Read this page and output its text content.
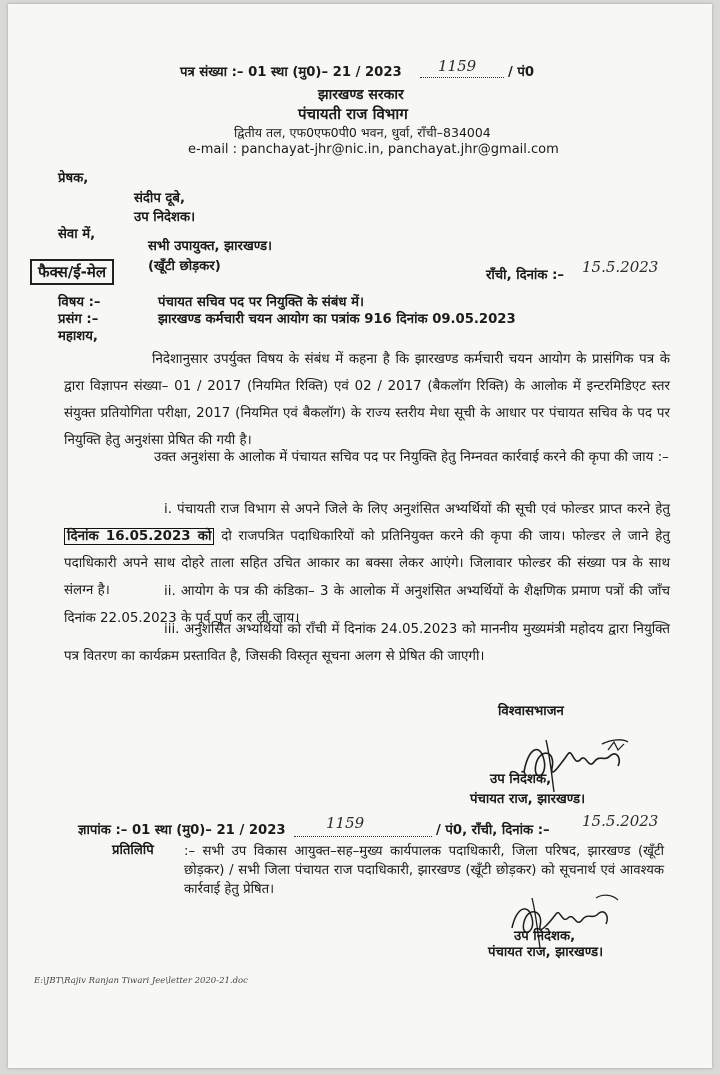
पत्र संख्या :– 01 स्था (मु0)– 21 / 2023 1159 / पं0
झारखण्ड सरकार
पंचायती राज विभाग
द्वितीय तल, एफ0एफ0पी0 भवन, धुर्वा, राँची–834004
e-mail : panchayat-jhr@nic.in, panchayat.jhr@gmail.com
प्रेषक,
संदीप दूबे,
उप निदेशक।
सेवा में,
सभी उपायुक्त, झारखण्ड।
फैक्स/ई-मेल	(खूँटी छोड़कर)
राँची, दिनांक :– 15.5.2023
विषय :–	पंचायत सचिव पद पर नियुक्ति के संबंध में।
प्रसंग :–	झारखण्ड कर्मचारी चयन आयोग का पत्रांक 916 दिनांक 09.05.2023
महाशय,
निदेशानुसार उपर्युक्त विषय के संबंध में कहना है कि झारखण्ड कर्मचारी चयन आयोग के प्रासंगिक पत्र के द्वारा विज्ञापन संख्या– 01 / 2017 (नियमित रिक्ति) एवं 02 / 2017 (बैकलॉग रिक्ति) के आलोक में इन्टरमिडिएट स्तर संयुक्त प्रतियोगिता परीक्षा, 2017 (नियमित एवं बैकलॉग) के राज्य स्तरीय मेधा सूची के आधार पर पंचायत सचिव के पद पर नियुक्ति हेतु अनुशंसा प्रेषित की गयी है।
उक्त अनुशंसा के आलोक में पंचायत सचिव पद पर नियुक्ति हेतु निम्नवत कार्रवाई करने की कृपा की जाय :–
i. पंचायती राज विभाग से अपने जिले के लिए अनुशंसित अभ्यर्थियों की सूची एवं फोल्डर प्राप्त करने हेतु दिनांक 16.05.2023 को दो राजपत्रित पदाधिकारियों को प्रतिनियुक्त करने की कृपा की जाय। फोल्डर ले जाने हेतु पदाधिकारी अपने साथ दोहरे ताला सहित उचित आकार का बक्सा लेकर आएंगे। जिलावार फोल्डर की संख्या पत्र के साथ संलग्न है।	ii. आयोग के पत्र की कंडिका– 3 के आलोक में अनुशंसित अभ्यर्थियों के शैक्षणिक प्रमाण पत्रों की जाँच दिनांक 22.05.2023 के पूर्व पूर्ण कर ली जाय।
iii. अनुशंसित अभ्यर्थियों को राँची में दिनांक 24.05.2023 को माननीय मुख्यमंत्री महोदय द्वारा नियुक्ति पत्र वितरण का कार्यक्रम प्रस्तावित है, जिसकी विस्तृत सूचना अलग से प्रेषित की जाएगी।
विश्वासभाजन
उप निदेशक,
पंचायत राज, झारखण्ड।
ज्ञापांक :– 01 स्था (मु0)– 21 / 2023	1159	/ पं0, राँची, दिनांक :–
15.5.2023
प्रतिलिपि :– सभी उप विकास आयुक्त–सह–मुख्य कार्यपालक पदाधिकारी, जिला परिषद, झारखण्ड (खूँटी छोड़कर) / सभी जिला पंचायत राज पदाधिकारी, झारखण्ड (खूँटी छोड़कर) को सूचनार्थ एवं आवश्यक कार्रवाई हेतु प्रेषित।
उप निदेशक,
पंचायत राज, झारखण्ड।
E:\JBT\Rajiv Ranjan Tiwari Jee\letter 2020-21.doc
